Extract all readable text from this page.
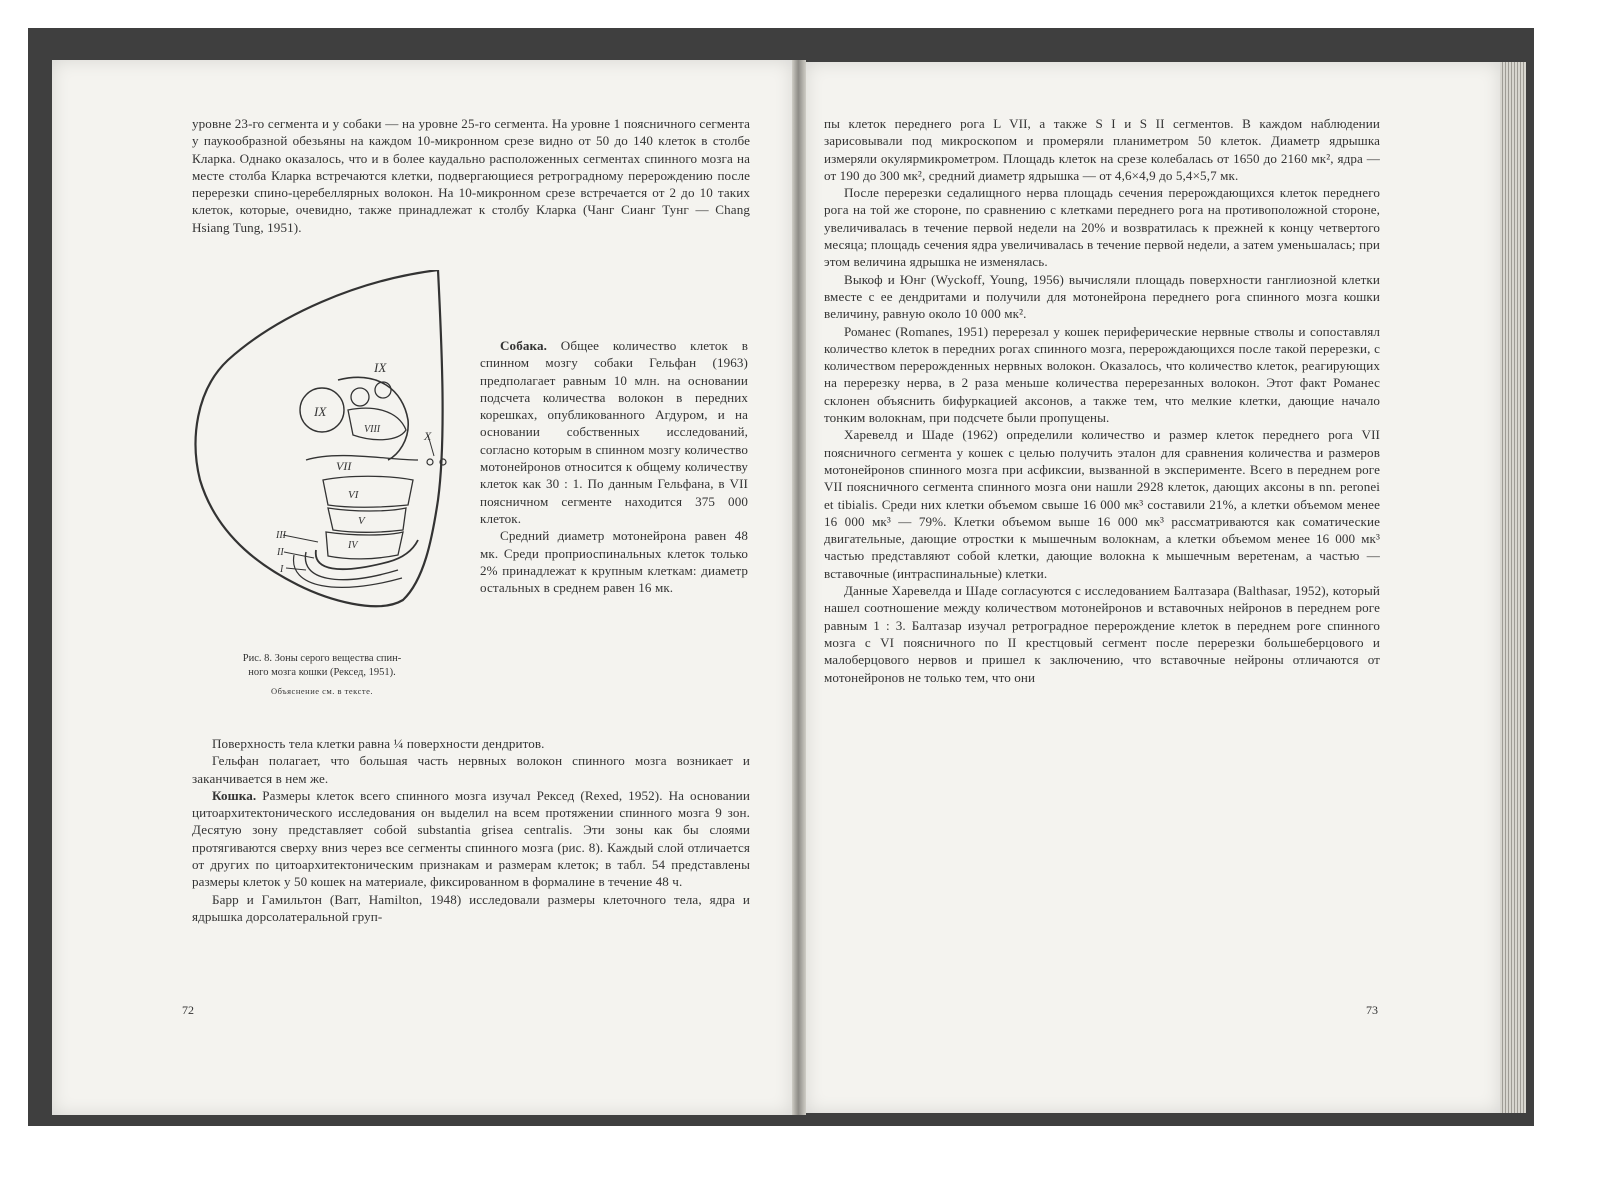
уровне 23-го сегмента и у собаки — на уровне 25-го сегмента. На уровне 1 поясничного сегмента у паукообразной обезьяны на каждом 10-микронном срезе видно от 50 до 140 клеток в столбе Кларка. Однако оказалось, что и в более каудально расположенных сегментах спинного мозга на месте столба Кларка встречаются клетки, подвергающиеся ретроградному перерождению после перерезки спино-церебеллярных волокон. На 10-микронном срезе встречается от 2 до 10 таких клеток, которые, очевидно, также принадлежат к столбу Кларка (Чанг Сианг Тунг — Chang Hsiang Tung, 1951).

IX
IX
VIII
VII
VI
V
IV
III
II
I
X
Рис. 8. Зоны серого вещества спин-
ного мозга кошки (Рексед, 1951).
Объяснение см. в тексте.

Собака. Общее количество клеток в спинном мозгу собаки Гельфан (1963) предполагает равным 10 млн. на основании подсчета количества волокон в передних корешках, опубликованного Агдуром, и на основании собственных исследований, согласно которым в спинном мозгу количество мотонейронов относится к общему количеству клеток как 30 : 1. По данным Гельфана, в VII поясничном сегменте находится 375 000 клеток.

Средний диаметр мотонейрона равен 48 мк. Среди проприоспинальных клеток только 2% принадлежат к крупным клеткам: диаметр остальных в среднем равен 16 мк.

Поверхность тела клетки равна ¼ поверхности дендритов.

Гельфан полагает, что большая часть нервных волокон спинного мозга возникает и заканчивается в нем же.

Кошка. Размеры клеток всего спинного мозга изучал Рексед (Rexed, 1952). На основании цитоархитектонического исследования он выделил на всем протяжении спинного мозга 9 зон. Десятую зону представляет собой substantia grisea centralis. Эти зоны как бы слоями протягиваются сверху вниз через все сегменты спинного мозга (рис. 8). Каждый слой отличается от других по цитоархитектоническим признакам и размерам клеток; в табл. 54 представлены размеры клеток у 50 кошек на материале, фиксированном в формалине в течение 48 ч.

Барр и Гамильтон (Barr, Hamilton, 1948) исследовали размеры клеточного тела, ядра и ядрышка дорсолатеральной груп-

72

пы клеток переднего рога L VII, а также S I и S II сегментов. В каждом наблюдении зарисовывали под микроскопом и промеряли планиметром 50 клеток. Диаметр ядрышка измеряли окулярмикрометром. Площадь клеток на срезе колебалась от 1650 до 2160 мк², ядра — от 190 до 300 мк², средний диаметр ядрышка — от 4,6×4,9 до 5,4×5,7 мк.

После перерезки седалищного нерва площадь сечения перерождающихся клеток переднего рога на той же стороне, по сравнению с клетками переднего рога на противоположной стороне, увеличивалась в течение первой недели на 20% и возвратилась к прежней к концу четвертого месяца; площадь сечения ядра увеличивалась в течение первой недели, а затем уменьшалась; при этом величина ядрышка не изменялась.

Выкоф и Юнг (Wyckoff, Young, 1956) вычисляли площадь поверхности ганглиозной клетки вместе с ее дендритами и получили для мотонейрона переднего рога спинного мозга кошки величину, равную около 10 000 мк².

Романес (Romanes, 1951) перерезал у кошек периферические нервные стволы и сопоставлял количество клеток в передних рогах спинного мозга, перерождающихся после такой перерезки, с количеством перерожденных нервных волокон. Оказалось, что количество клеток, реагирующих на перерезку нерва, в 2 раза меньше количества перерезанных волокон. Этот факт Романес склонен объяснить бифуркацией аксонов, а также тем, что мелкие клетки, дающие начало тонким волокнам, при подсчете были пропущены.

Харевелд и Шаде (1962) определили количество и размер клеток переднего рога VII поясничного сегмента у кошек с целью получить эталон для сравнения количества и размеров мотонейронов спинного мозга при асфиксии, вызванной в эксперименте. Всего в переднем роге VII поясничного сегмента спинного мозга они нашли 2928 клеток, дающих аксоны в nn. peronei et tibialis. Среди них клетки объемом свыше 16 000 мк³ составили 21%, а клетки объемом менее 16 000 мк³ — 79%. Клетки объемом выше 16 000 мк³ рассматриваются как соматические двигательные, дающие отростки к мышечным волокнам, а клетки объемом менее 16 000 мк³ частью представляют собой клетки, дающие волокна к мышечным веретенам, а частью — вставочные (интраспинальные) клетки.

Данные Харевелда и Шаде согласуются с исследованием Балтазара (Balthasar, 1952), который нашел соотношение между количеством мотонейронов и вставочных нейронов в переднем роге равным 1 : 3. Балтазар изучал ретроградное перерождение клеток в переднем роге спинного мозга с VI поясничного по II крестцовый сегмент после перерезки большеберцового и малоберцового нервов и пришел к заключению, что вставочные нейроны отличаются от мотонейронов не только тем, что они

73
